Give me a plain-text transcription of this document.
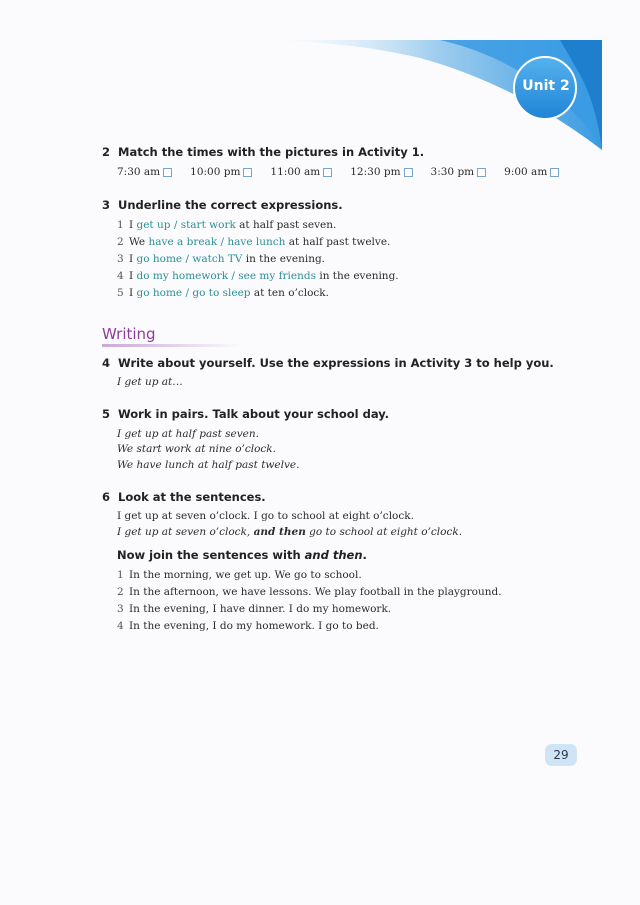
Unit 2
2 Match the times with the pictures in Activity 1.
7:30 am	10:00 pm	11:00 am	12:30 pm	3:30 pm	9:00 am
3 Underline the correct expressions.
1 I get up / start work at half past seven.
2 We have a break / have lunch at half past twelve.
3 I go home / watch TV in the evening.
4 I do my homework / see my friends in the evening.
5 I go home / go to sleep at ten o’clock.
Writing
4 Write about yourself. Use the expressions in Activity 3 to help you.
I get up at…
5 Work in pairs. Talk about your school day.
I get up at half past seven.
We start work at nine o’clock.
We have lunch at half past twelve.
6 Look at the sentences.
I get up at seven o’clock. I go to school at eight o’clock.
I get up at seven o’clock, and then go to school at eight o’clock.
Now join the sentences with and then.
1 In the morning, we get up. We go to school.
2 In the afternoon, we have lessons. We play football in the playground.
3 In the evening, I have dinner. I do my homework.
4 In the evening, I do my homework. I go to bed.
29
